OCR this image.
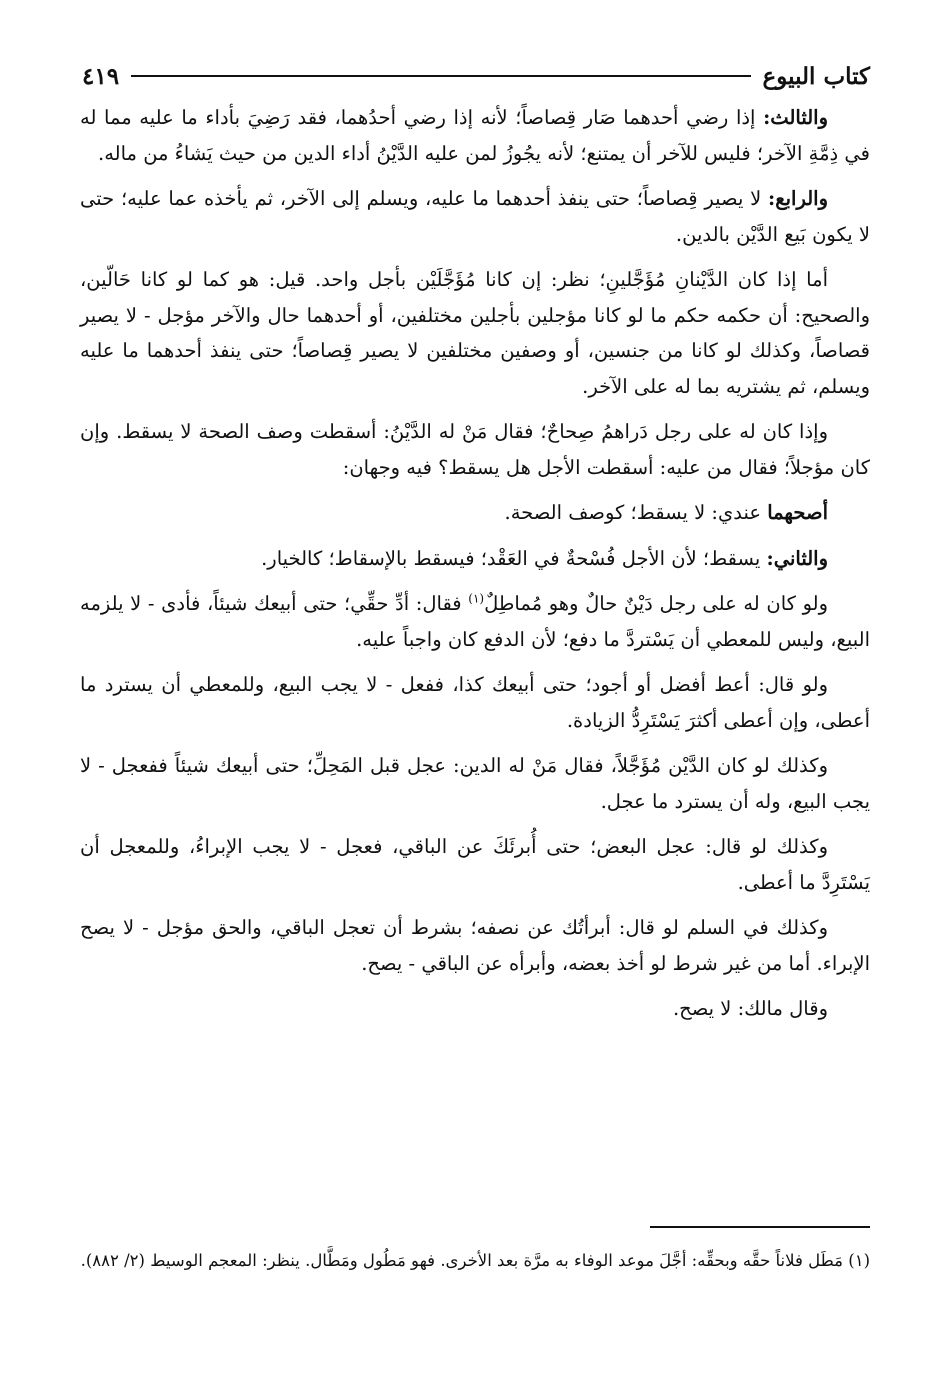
كتاب البيوع
٤١٩

والثالث: إذا رضي أحدهما صَار قِصاصاً؛ لأنه إذا رضي أحدُهما، فقد رَضِيَ بأداء ما عليه مما له في ذِمَّةِ الآخر؛ فليس للآخر أن يمتنع؛ لأنه يجُوزُ لمن عليه الدَّيْنُ أداء الدين من حيث يَشاءُ من ماله.

والرابع: لا يصير قِصاصاً؛ حتى ينفذ أحدهما ما عليه، ويسلم إلى الآخر، ثم يأخذه عما عليه؛ حتى لا يكون بَيع الدَّيْن بالدين.

أما إذا كان الدَّيْنانِ مُؤَجَّلينِ؛ نظر: إن كانا مُؤَجَّلَيْن بأجل واحد. قيل: هو كما لو كانا حَالّين، والصحيح: أن حكمه حكم ما لو كانا مؤجلين بأجلين مختلفين، أو أحدهما حال والآخر مؤجل - لا يصير قصاصاً، وكذلك لو كانا من جنسين، أو وصفين مختلفين لا يصير قِصاصاً؛ حتى ينفذ أحدهما ما عليه ويسلم، ثم يشتريه بما له على الآخر.

وإذا كان له على رجل دَراهمُ صِحاحٌ؛ فقال مَنْ له الدَّيْنُ: أسقطت وصف الصحة لا يسقط. وإن كان مؤجلاً؛ فقال من عليه: أسقطت الأجل هل يسقط؟ فيه وجهان:

أصحهما عندي: لا يسقط؛ كوصف الصحة.

والثاني: يسقط؛ لأن الأجل فُسْحةٌ في العَقْد؛ فيسقط بالإسقاط؛ كالخيار.

ولو كان له على رجل دَيْنٌ حالٌ وهو مُماطِلٌ$^{(١)}$ فقال: أدِّ حقِّي؛ حتى أبيعك شيئاً، فأدى - لا يلزمه البيع، وليس للمعطي أن يَسْتردَّ ما دفع؛ لأن الدفع كان واجباً عليه.

ولو قال: أعط أفضل أو أجود؛ حتى أبيعك كذا، ففعل - لا يجب البيع، وللمعطي أن يسترد ما أعطى، وإن أعطى أكثرَ يَسْتَرِدُّ الزيادة.

وكذلك لو كان الدَّيْن مُؤَجَّلاً، فقال مَنْ له الدين: عجل قبل المَحِلِّ؛ حتى أبيعك شيئاً ففعجل - لا يجب البيع، وله أن يسترد ما عجل.

وكذلك لو قال: عجل البعض؛ حتى أُبرئَكَ عن الباقي، فعجل - لا يجب الإبراءُ، وللمعجل أن يَسْتَرِدَّ ما أعطى.

وكذلك في السلم لو قال: أبرأتُك عن نصفه؛ بشرط أن تعجل الباقي، والحق مؤجل - لا يصح الإبراء. أما من غير شرط لو أخذ بعضه، وأبرأه عن الباقي - يصح.

وقال مالك: لا يصح.

(١) مَطَل فلاناً حقَّه وبحقِّه: أجَّلَ موعد الوفاء به مرَّة بعد الأخرى. فهو مَطُول ومَطَّال. ينظر: المعجم الوسيط (٢/ ٨٨٢).
